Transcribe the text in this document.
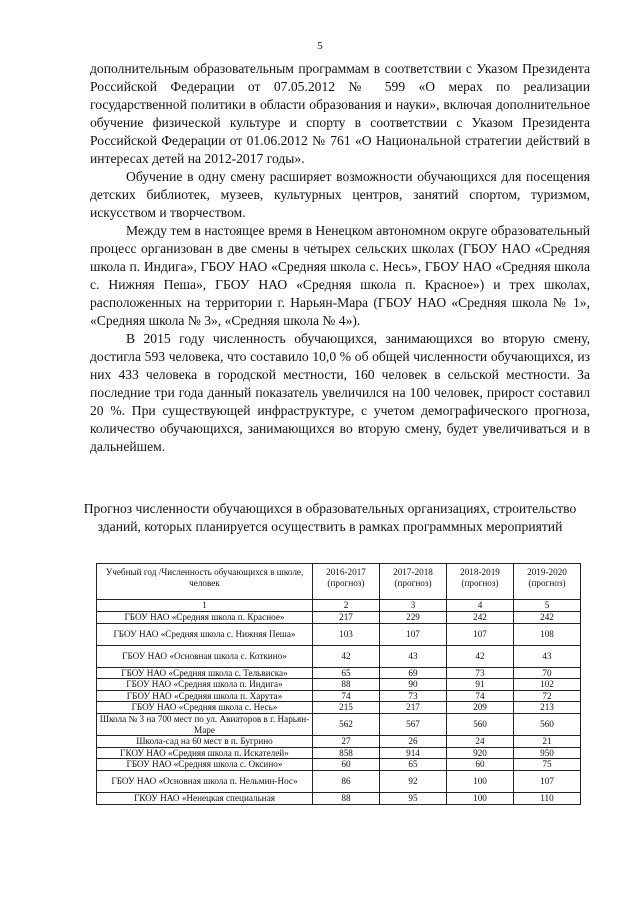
5

дополнительным образовательным программам в соответствии с Указом Президента Российской Федерации от 07.05.2012 № 599 «О мерах по реализации государственной политики в области образования и науки», включая дополнительное обучение физической культуре и спорту в соответствии с Указом Президента Российской Федерации от 01.06.2012 № 761 «О Национальной стратегии действий в интересах детей на 2012-2017 годы».

Обучение в одну смену расширяет возможности обучающихся для посещения детских библиотек, музеев, культурных центров, занятий спортом, туризмом, искусством и творчеством.

Между тем в настоящее время в Ненецком автономном округе образовательный процесс организован в две смены в четырех сельских школах (ГБОУ НАО «Средняя школа п. Индига», ГБОУ НАО «Средняя школа с. Несь», ГБОУ НАО «Средняя школа с. Нижняя Пеша», ГБОУ НАО «Средняя школа п. Красное») и трех школах, расположенных на территории г. Нарьян-Мара (ГБОУ НАО «Средняя школа № 1», «Средняя школа № 3», «Средняя школа № 4»).

В 2015 году численность обучающихся, занимающихся во вторую смену, достигла 593 человека, что составило 10,0 % об общей численности обучающихся, из них 433 человека в городской местности, 160 человек в сельской местности. За последние три года данный показатель увеличился на 100 человек, прирост составил 20 %. При существующей инфраструктуре, с учетом демографического прогноза, количество обучающихся, занимающихся во вторую смену, будет увеличиваться и в дальнейшем.

Прогноз численности обучающихся в образовательных организациях, строительство зданий, которых планируется осуществить в рамках программных мероприятий
Учебный год /Численность обучающихся в школе, человек	2016-2017 (прогноз)	2017-2018 (прогноз)	2018-2019 (прогноз)	2019-2020 (прогноз)
1	2	3	4	5
ГБОУ НАО «Средняя школа п. Красное»	217	229	242	242
ГБОУ НАО «Средняя школа с. Нижняя Пеша»	103	107	107	108
ГБОУ НАО «Основная школа с. Коткино»	42	43	42	43
ГБОУ НАО «Средняя школа с. Тельвиска»	65	69	73	70
ГБОУ НАО «Средняя школа п. Индига»	88	90	91	102
ГБОУ НАО «Средняя школа п. Харута»	74	73	74	72
ГБОУ НАО «Средняя школа с. Несь»	215	217	209	213
Школа № 3 на 700 мест по ул. Авиаторов в г. Нарьян-Маре	562	567	560	560
Школа-сад на 60 мест в п. Бугрино	27	26	24	21
ГКОУ НАО «Средняя школа п. Искателей»	858	914	920	950
ГБОУ НАО «Средняя школа с. Оксино»	60	65	60	75
ГБОУ НАО «Основная школа п. Нельмин-Нос»	86	92	100	107
ГКОУ НАО «Ненецкая специальная	88	95	100	110
